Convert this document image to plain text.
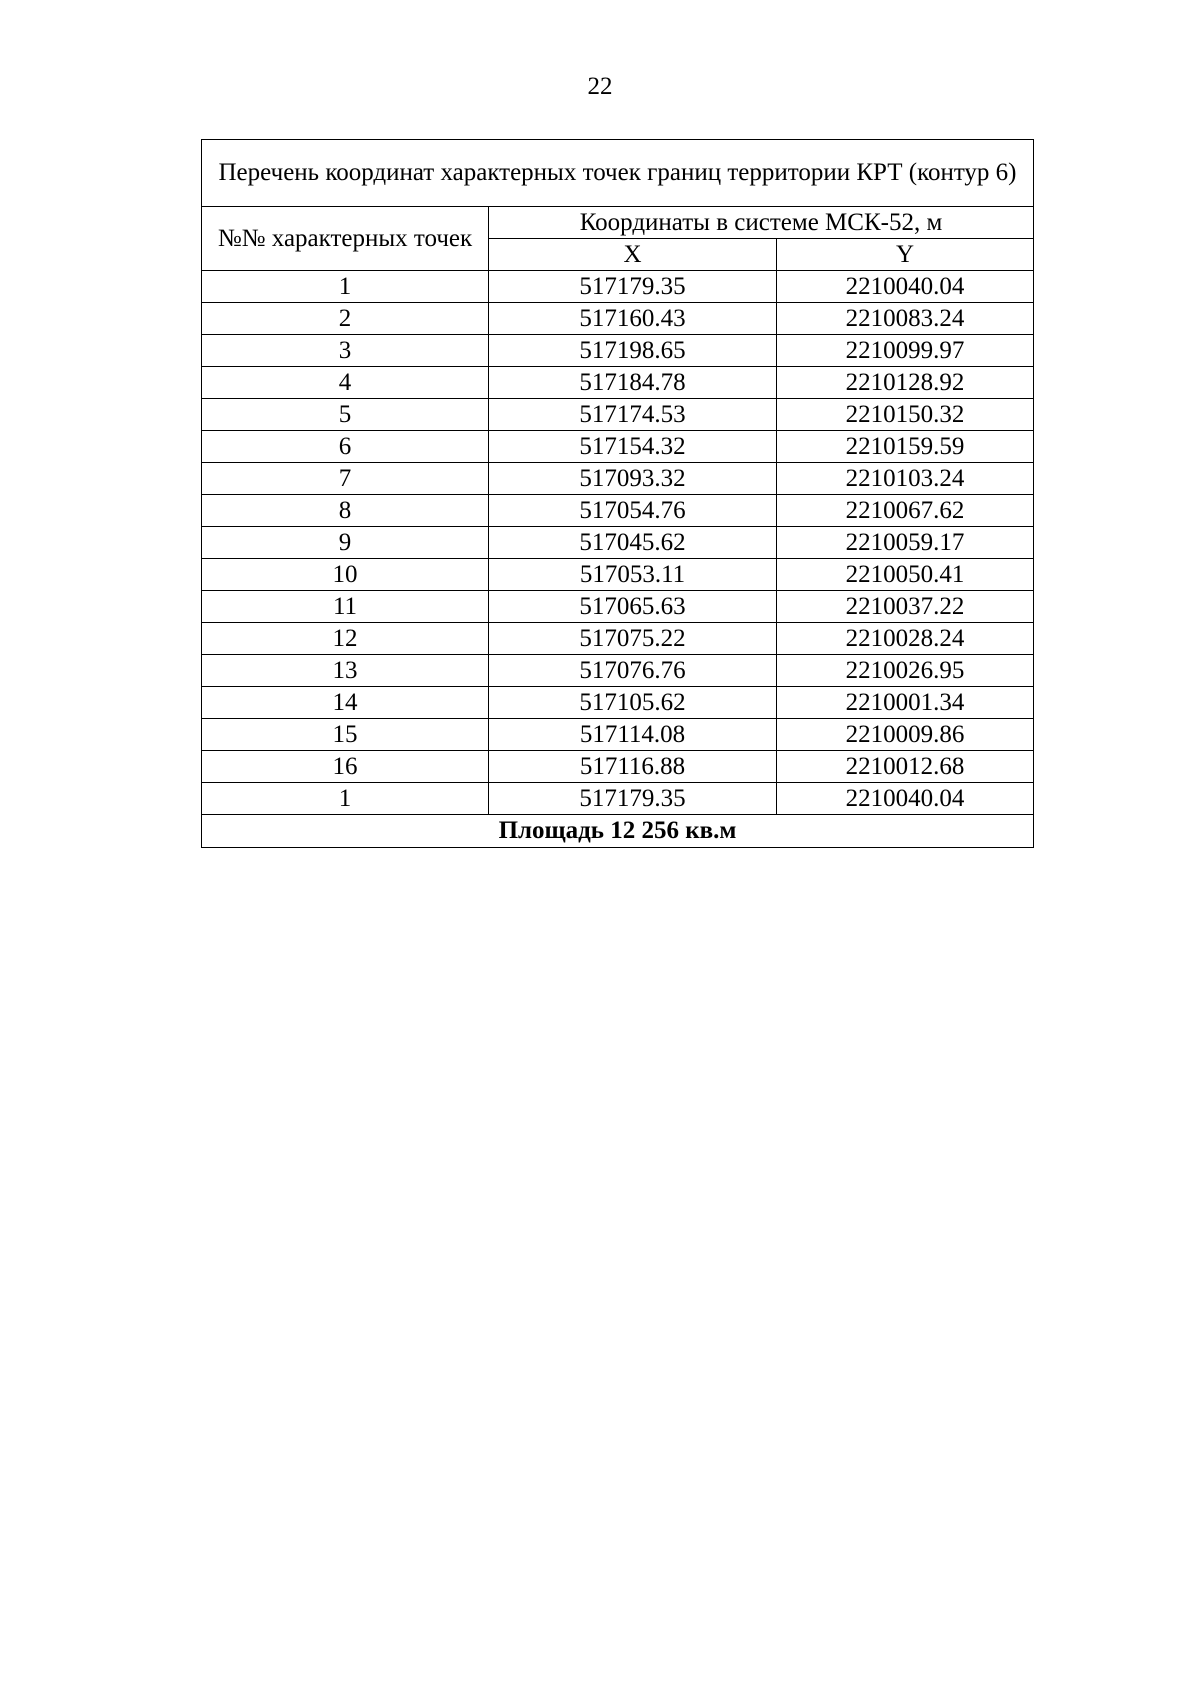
22
Перечень координат характерных точек границ территории КРТ (контур 6)		
№№ характерных точек	Координаты в системе МСК-52, м	
	X	Y
1	517179.35	2210040.04
2	517160.43	2210083.24
3	517198.65	2210099.97
4	517184.78	2210128.92
5	517174.53	2210150.32
6	517154.32	2210159.59
7	517093.32	2210103.24
8	517054.76	2210067.62
9	517045.62	2210059.17
10	517053.11	2210050.41
11	517065.63	2210037.22
12	517075.22	2210028.24
13	517076.76	2210026.95
14	517105.62	2210001.34
15	517114.08	2210009.86
16	517116.88	2210012.68
1	517179.35	2210040.04
Площадь 12 256 кв.м		
